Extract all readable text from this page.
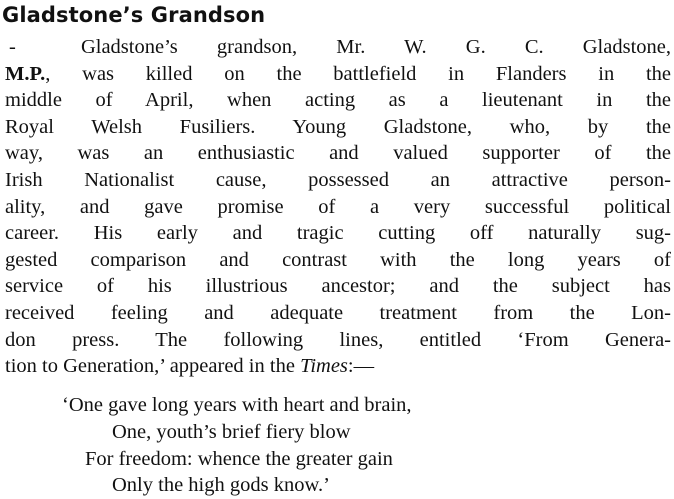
Gladstone’s Grandson
- Gladstone’s grandson, Mr. W. G. C. Gladstone,
M.P., was killed on the battlefield in Flanders in the
middle of April, when acting as a lieutenant in the
Royal Welsh Fusiliers. Young Gladstone, who, by the
way, was an enthusiastic and valued supporter of the
Irish Nationalist cause, possessed an attractive person-
ality, and gave promise of a very successful political
career. His early and tragic cutting off naturally sug-
gested comparison and contrast with the long years of
service of his illustrious ancestor; and the subject has
received feeling and adequate treatment from the Lon-
don press. The following lines, entitled ‘From Genera-
tion to Generation,’ appeared in the Times:—
‘One gave long years with heart and brain,
One, youth’s brief fiery blow
For freedom: whence the greater gain
Only the high gods know.’
